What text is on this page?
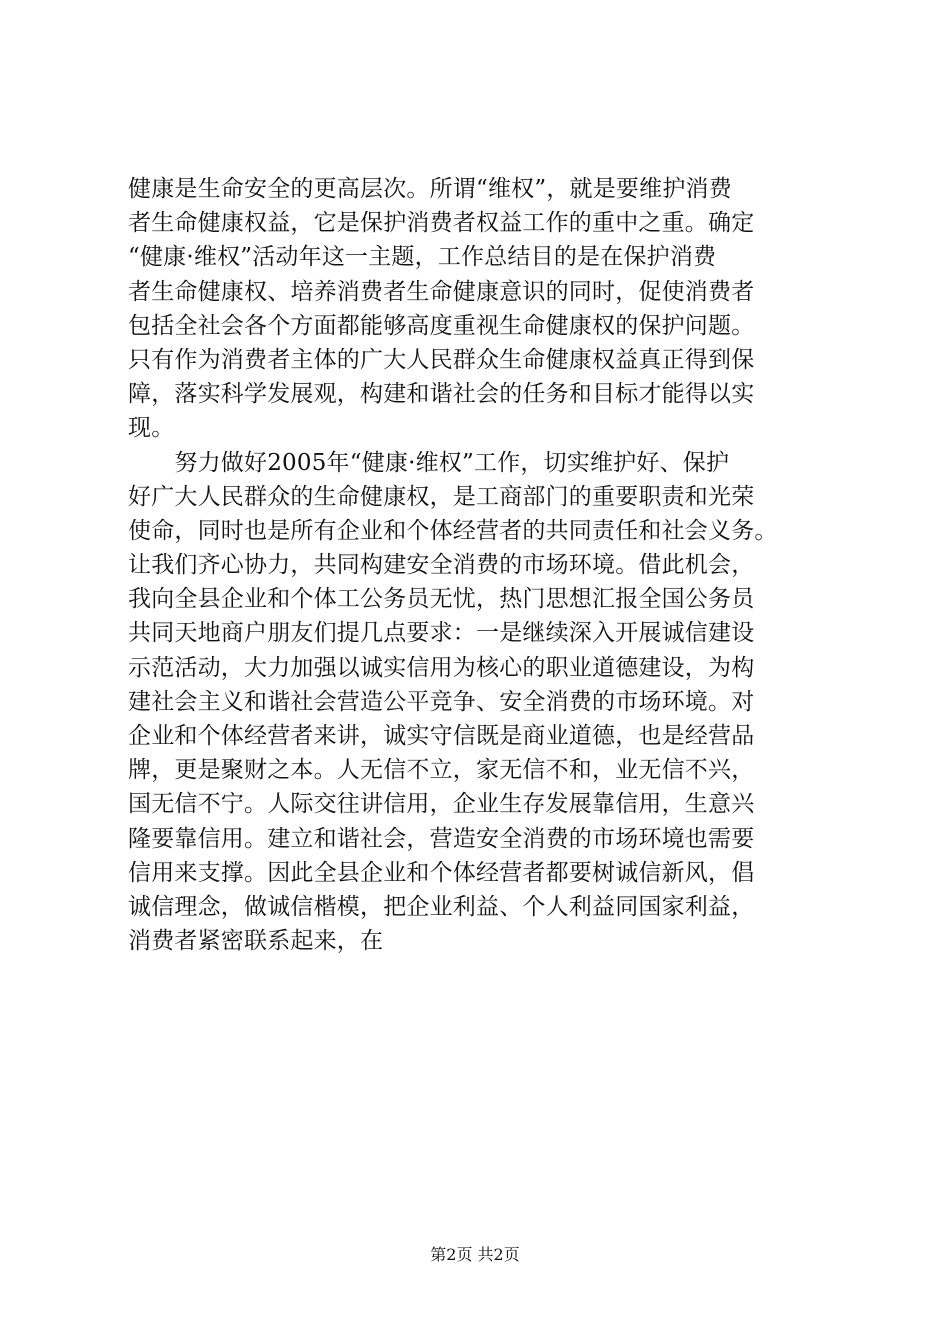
健康是生命安全的更高层次。所谓“维权”，就是要维护消费
者生命健康权益，它是保护消费者权益工作的重中之重。确定
“健康·维权”活动年这一主题，工作总结目的是在保护消费
者生命健康权、培养消费者生命健康意识的同时，促使消费者
包括全社会各个方面都能够高度重视生命健康权的保护问题。
只有作为消费者主体的广大人民群众生命健康权益真正得到保
障，落实科学发展观，构建和谐社会的任务和目标才能得以实
现。
　　努力做好2005年“健康·维权”工作，切实维护好、保护
好广大人民群众的生命健康权，是工商部门的重要职责和光荣
使命，同时也是所有企业和个体经营者的共同责任和社会义务。
让我们齐心协力，共同构建安全消费的市场环境。借此机会，
我向全县企业和个体工公务员无忧，热门思想汇报全国公务员
共同天地商户朋友们提几点要求：一是继续深入开展诚信建设
示范活动，大力加强以诚实信用为核心的职业道德建设，为构
建社会主义和谐社会营造公平竞争、安全消费的市场环境。对
企业和个体经营者来讲，诚实守信既是商业道德，也是经营品
牌，更是聚财之本。人无信不立，家无信不和，业无信不兴，
国无信不宁。人际交往讲信用，企业生存发展靠信用，生意兴
隆要靠信用。建立和谐社会，营造安全消费的市场环境也需要
信用来支撑。因此全县企业和个体经营者都要树诚信新风，倡
诚信理念，做诚信楷模，把企业利益、个人利益同国家利益，
消费者紧密联系起来，在
第2页 共2页
